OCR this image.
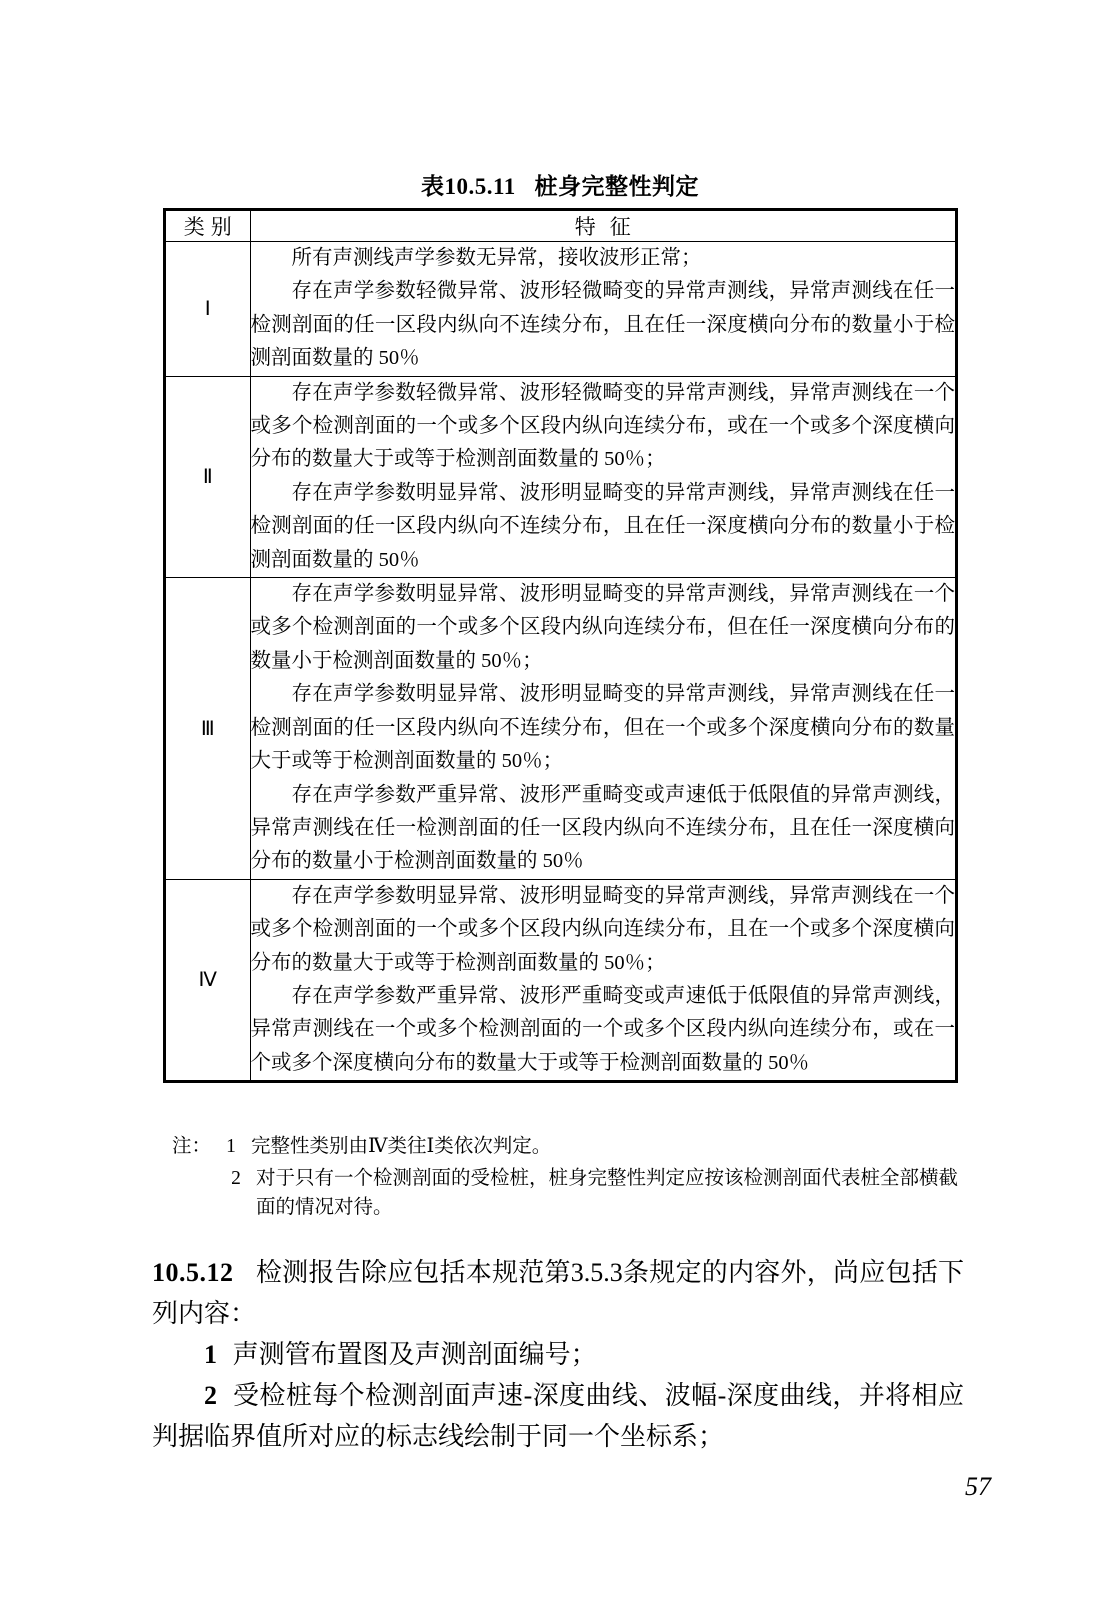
表10.5.11 桩身完整性判定
类别	特征
Ⅰ	所有声测线声学参数无异常，接收波形正常；

存在声学参数轻微异常、波形轻微畸变的异常声测线，异常声测线在任一检测剖面的任一区段内纵向不连续分布，且在任一深度横向分布的数量小于检测剖面数量的 50％

Ⅱ	存在声学参数轻微异常、波形轻微畸变的异常声测线，异常声测线在一个或多个检测剖面的一个或多个区段内纵向连续分布，或在一个或多个深度横向分布的数量大于或等于检测剖面数量的 50％；

存在声学参数明显异常、波形明显畸变的异常声测线，异常声测线在任一检测剖面的任一区段内纵向不连续分布，且在任一深度横向分布的数量小于检测剖面数量的 50％

Ⅲ	存在声学参数明显异常、波形明显畸变的异常声测线，异常声测线在一个或多个检测剖面的一个或多个区段内纵向连续分布，但在任一深度横向分布的数量小于检测剖面数量的 50％；

存在声学参数明显异常、波形明显畸变的异常声测线，异常声测线在任一检测剖面的任一区段内纵向不连续分布，但在一个或多个深度横向分布的数量大于或等于检测剖面数量的 50％；

存在声学参数严重异常、波形严重畸变或声速低于低限值的异常声测线，异常声测线在任一检测剖面的任一区段内纵向不连续分布，且在任一深度横向分布的数量小于检测剖面数量的 50％

Ⅳ	存在声学参数明显异常、波形明显畸变的异常声测线，异常声测线在一个或多个检测剖面的一个或多个区段内纵向连续分布，且在一个或多个深度横向分布的数量大于或等于检测剖面数量的 50％；

存在声学参数严重异常、波形严重畸变或声速低于低限值的异常声测线，异常声测线在一个或多个检测剖面的一个或多个区段内纵向连续分布，或在一个或多个深度横向分布的数量大于或等于检测剖面数量的 50％

注： 1 完整性类别由Ⅳ类往Ⅰ类依次判定。
2 对于只有一个检测剖面的受检桩，桩身完整性判定应按该检测剖面代表桩全部横截面的情况对待。

10.5.12 检测报告除应包括本规范第3.5.3条规定的内容外，尚应包括下列内容：

1 声测管布置图及声测剖面编号；

2 受检桩每个检测剖面声速-深度曲线、波幅-深度曲线，并将相应判据临界值所对应的标志线绘制于同一个坐标系；

57
